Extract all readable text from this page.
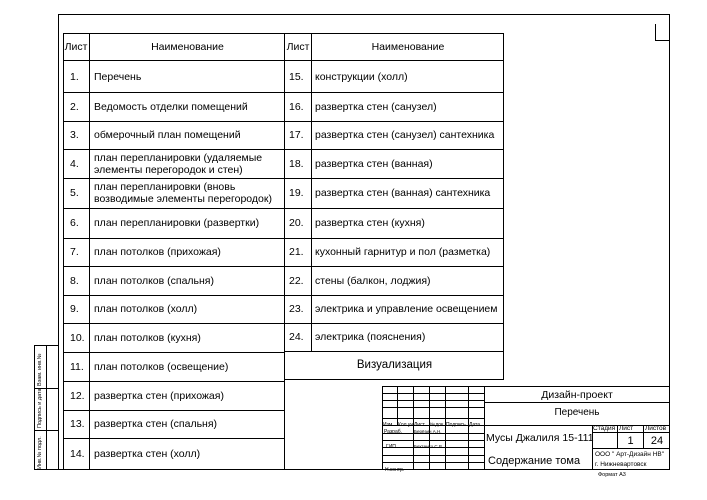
Инв.№ подл.
Подпись и дата
Взам. инв.№
Лист	Наименование
1. Перечень
2. Ведомость отделки помещений
3. обмерочный план помещений
4. план перепланировки (удаляемые элементы перегородок и стен)
5. план перепланировки (вновь возводимые элементы перегородок)
6. план перепланировки (развертки)
7. план потолков (прихожая)
8. план потолков (спальня)
9. план потолков (холл)
10. план потолков (кухня)
11. план потолков (освещение)
12. развертка стен (прихожая)
13. развертка стен (спальня)
14. развертка стен (холл)
Лист	Наименование
15. конструкции (холл)
16. развертка стен (санузел)
17. развертка стен (санузел) сантехника
18. развертка стен (ванная)
19. развертка стен (ванная) сантехника
20. развертка стен (кухня)
21. кухонный гарнитур и пол (разметка)
22. стены (балкон, лоджия)
23. электрика и управление освещением
24. электрика (пояснения)
Визуализация
Дизайн-проект
Перечень
Мусы Джалиля 15-111
Содержание тома
Стадия Лист Листов
1	24
ООО " Арт-Дизайн НВ"
г. Нижневартовск
Формат А3
Изм. Кол.уч Лист №док. Подпись Дата
Разраб.	Берёзин А.Н.
ГИП	Бехтенко С.В.
Н.контр.
